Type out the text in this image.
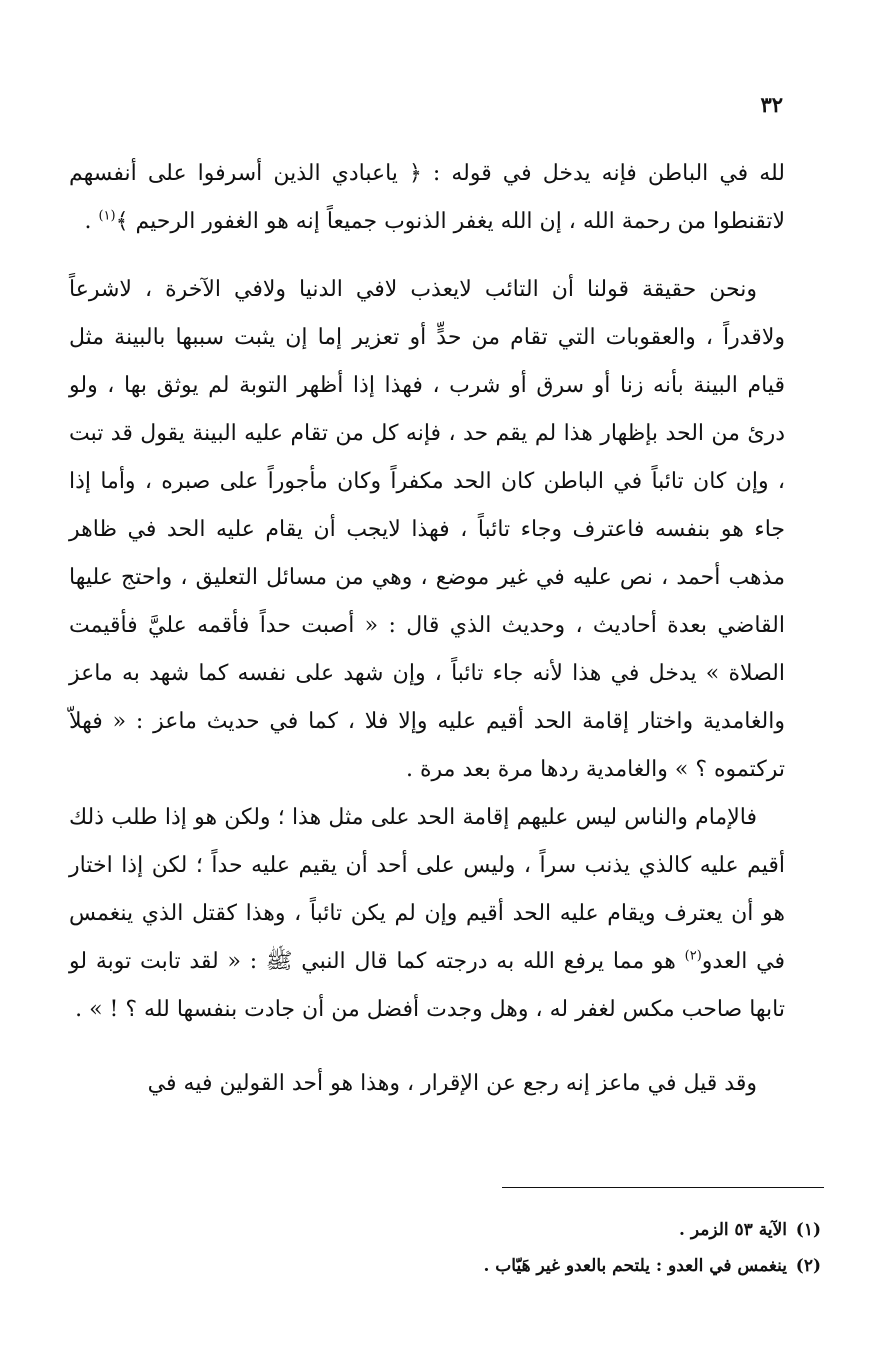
٣٢

لله في الباطن فإنه يدخل في قوله : ﴿ ياعبادي الذين أسرفوا على أنفسهم لاتقنطوا من رحمة الله ، إن الله يغفر الذنوب جميعاً إنه هو الغفور الرحيم ﴾$^{(١)}$ .

ونحن حقيقة قولنا أن التائب لايعذب لافي الدنيا ولافي الآخرة ، لاشرعاً ولاقدراً ، والعقوبات التي تقام من حدٍّ أو تعزير إما إن يثبت سببها بالبينة مثل قيام البينة بأنه زنا أو سرق أو شرب ، فهذا إذا أظهر التوبة لم يوثق بها ، ولو درئ من الحد بإظهار هذا لم يقم حد ، فإنه كل من تقام عليه البينة يقول قد تبت ، وإن كان تائباً في الباطن كان الحد مكفراً وكان مأجوراً على صبره ، وأما إذا جاء هو بنفسه فاعترف وجاء تائباً ، فهذا لايجب أن يقام عليه الحد في ظاهر مذهب أحمد ، نص عليه في غير موضع ، وهي من مسائل التعليق ، واحتج عليها القاضي بعدة أحاديث ، وحديث الذي قال : « أصبت حداً فأقمه عليَّ فأقيمت الصلاة » يدخل في هذا لأنه جاء تائباً ، وإن شهد على نفسه كما شهد به ماعز والغامدية واختار إقامة الحد أقيم عليه وإلا فلا ، كما في حديث ماعز : « فهلاّ تركتموه ؟ » والغامدية ردها مرة بعد مرة .

فالإمام والناس ليس عليهم إقامة الحد على مثل هذا ؛ ولكن هو إذا طلب ذلك أقيم عليه كالذي يذنب سراً ، وليس على أحد أن يقيم عليه حداً ؛ لكن إذا اختار هو أن يعترف ويقام عليه الحد أقيم وإن لم يكن تائباً ، وهذا كقتل الذي ينغمس في العدو$^{(٢)}$ هو مما يرفع الله به درجته كما قال النبي ﷺ : « لقد تابت توبة لو تابها صاحب مكس لغفر له ، وهل وجدت أفضل من أن جادت بنفسها لله ؟ ! » .

وقد قيل في ماعز إنه رجع عن الإقرار ، وهذا هو أحد القولين فيه في

(١)الآية ٥٣ الزمر .

(٢)ينغمس في العدو : يلتحم بالعدو غير هَيّاب .
